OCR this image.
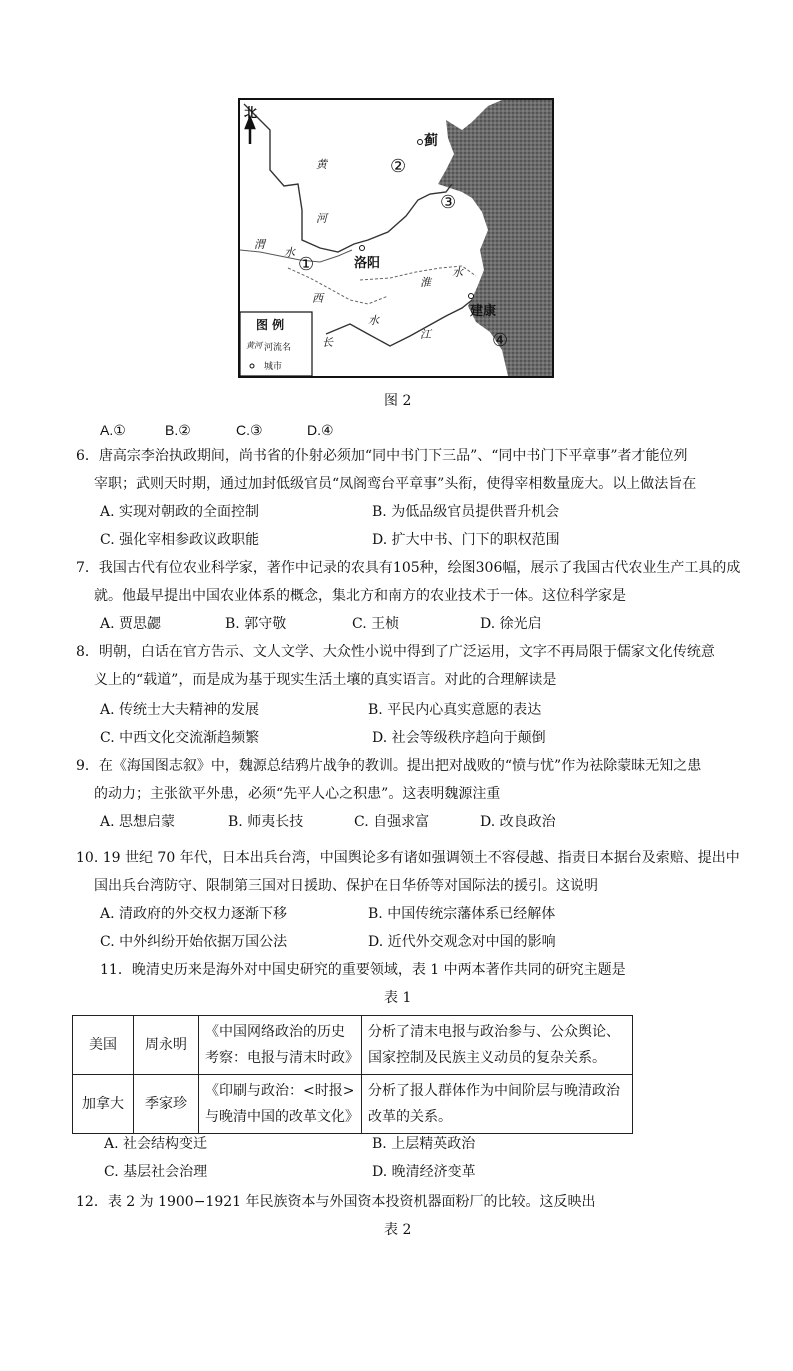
北
蓟
②
③
①
④
洛阳
建康
黄
河
渭
水
淮
水
西
水
长
江
图 例
黄河 河流名
城市
图 2
A.①	B.②	C.③	D.④
6．唐高宗李治执政期间，尚书省的仆射必须加“同中书门下三品”、“同中书门下平章事”者才能位列
宰职；武则天时期，通过加封低级官员“凤阁鸾台平章事”头衔，使得宰相数量庞大。以上做法旨在
A. 实现对朝政的全面控制	B. 为低品级官员提供晋升机会
C. 强化宰相参政议政职能	D. 扩大中书、门下的职权范围
7．我国古代有位农业科学家，著作中记录的农具有105种，绘图306幅，展示了我国古代农业生产工具的成
就。他最早提出中国农业体系的概念，集北方和南方的农业技术于一体。这位科学家是
A. 贾思勰	B. 郭守敬	C. 王桢	D. 徐光启
8．明朝，白话在官方告示、文人文学、大众性小说中得到了广泛运用，文字不再局限于儒家文化传统意
义上的“载道”，而是成为基于现实生活土壤的真实语言。对此的合理解读是
A. 传统士大夫精神的发展	B. 平民内心真实意愿的表达
C. 中西文化交流渐趋频繁	D. 社会等级秩序趋向于颠倒
9．在《海国图志叙》中，魏源总结鸦片战争的教训。提出把对战败的“愤与忧”作为祛除蒙昧无知之患
的动力；主张欲平外患，必须“先平人心之积患”。这表明魏源注重
A. 思想启蒙	B. 师夷长技	C. 自强求富	D. 改良政治
10. 19 世纪 70 年代，日本出兵台湾，中国舆论多有诸如强调领土不容侵越、指责日本据台及索赔、提出中
国出兵台湾防守、限制第三国对日援助、保护在日华侨等对国际法的援引。这说明
A. 清政府的外交权力逐渐下移	B. 中国传统宗藩体系已经解体
C. 中外纠纷开始依据万国公法	D. 近代外交观念对中国的影响
11．晚清史历来是海外对中国史研究的重要领域，表 1 中两本著作共同的研究主题是
表 1
美国	周永明	《中国网络政治的历史考察：电报与清末时政》	分析了清末电报与政治参与、公众舆论、国家控制及民族主义动员的复杂关系。
加拿大	季家珍	《印刷与政治：<时报>与晚清中国的改革文化》	分析了报人群体作为中间阶层与晚清政治改革的关系。
A. 社会结构变迁	B. 上层精英政治
C. 基层社会治理	D. 晚清经济变革
12．表 2 为 1900−1921 年民族资本与外国资本投资机器面粉厂的比较。这反映出
表 2
